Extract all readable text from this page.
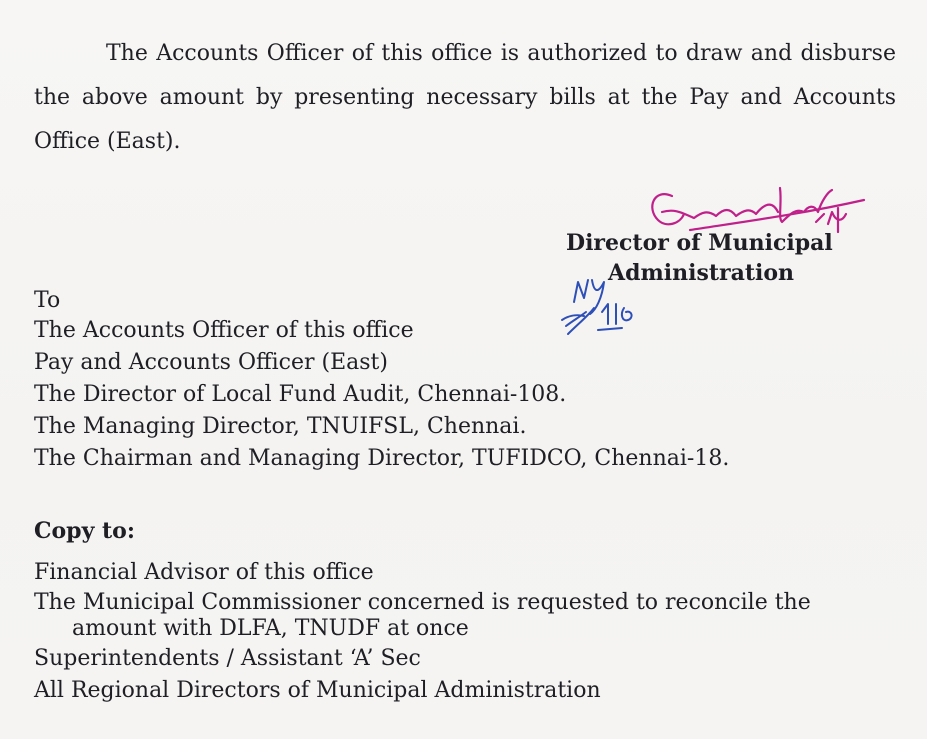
The Accounts Officer of this office is authorized to draw and disburse the above amount by presenting necessary bills at the Pay and Accounts Office (East).

Director of Municipal
Administration

To

The Accounts Officer of this office
Pay and Accounts Officer (East)
The Director of Local Fund Audit, Chennai-108.
The Managing Director, TNUIFSL, Chennai.
The Chairman and Managing Director, TUFIDCO, Chennai-18.

Copy to:

Financial Advisor of this office
The Municipal Commissioner concerned is requested to reconcile the
amount with DLFA, TNUDF at once
Superintendents / Assistant ‘A’ Sec
All Regional Directors of Municipal Administration
